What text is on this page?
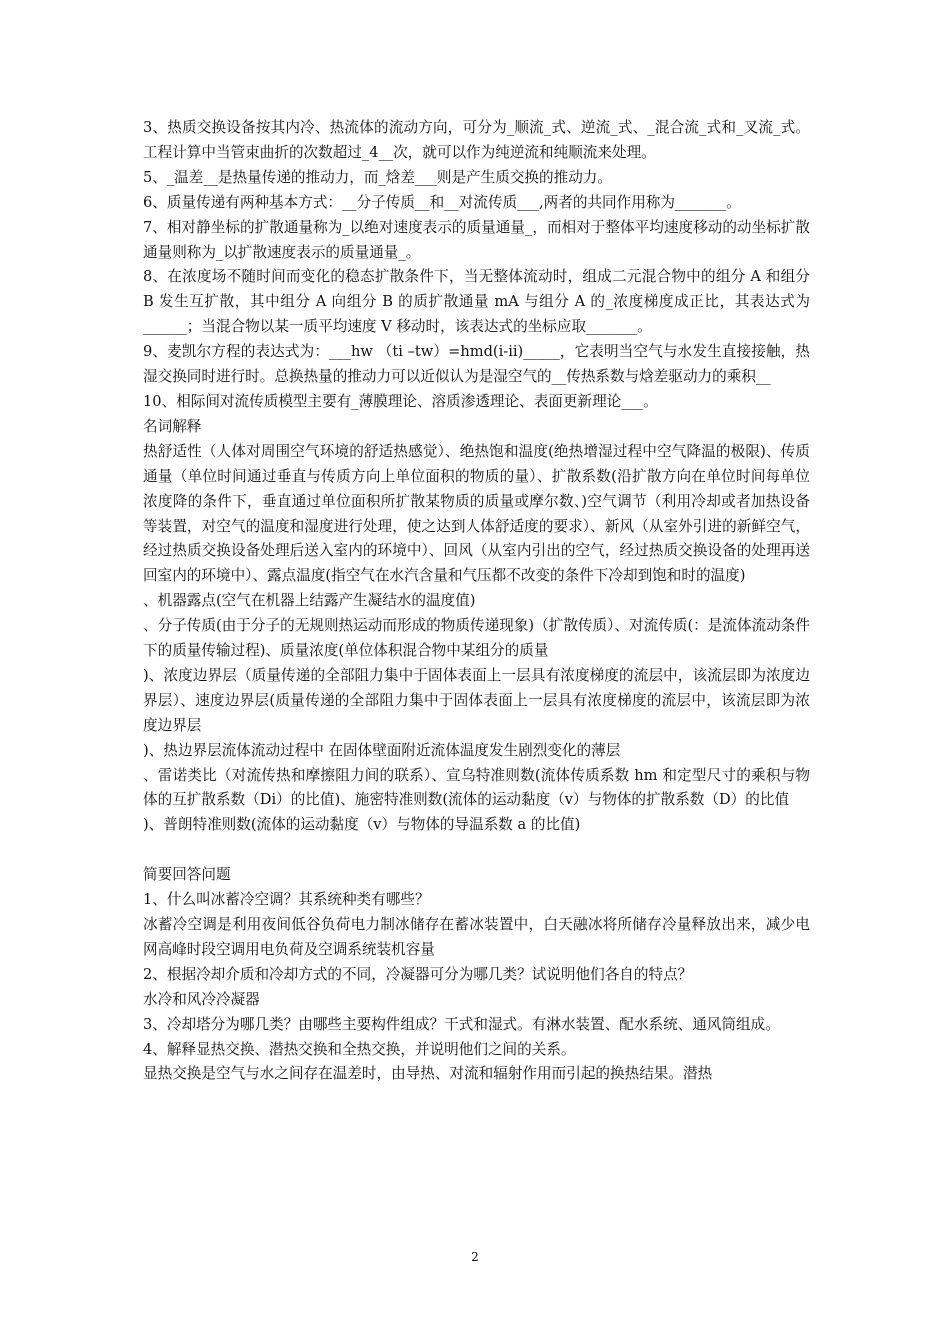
3、热质交换设备按其内冷、热流体的流动方向，可分为_顺流_式、逆流_式、_混合流_式和_叉流_式。工程计算中当管束曲折的次数超过_4__次，就可以作为纯逆流和纯顺流来处理。

5、_温差__是热量传递的推动力，而_焓差___则是产生质交换的推动力。

6、质量传递有两种基本方式：__分子传质__和__对流传质___,两者的共同作用称为_______。

7、相对静坐标的扩散通量称为_以绝对速度表示的质量通量_，而相对于整体平均速度移动的动坐标扩散通量则称为_以扩散速度表示的质量通量_。

8、在浓度场不随时间而变化的稳态扩散条件下，当无整体流动时，组成二元混合物中的组分 A 和组分 B 发生互扩散，其中组分 A 向组分 B 的质扩散通量 mA 与组分 A 的_浓度梯度成正比，其表达式为______；当混合物以某一质平均速度 V 移动时，该表达式的坐标应取_______。

9、麦凯尔方程的表达式为：___hw （ti –tw）=hmd(i-ii)_____，它表明当空气与水发生直接接触，热湿交换同时进行时。总换热量的推动力可以近似认为是湿空气的__传热系数与焓差驱动力的乘积__

10、相际间对流传质模型主要有_薄膜理论、溶质渗透理论、表面更新理论___。

名词解释

热舒适性（人体对周围空气环境的舒适热感觉）、绝热饱和温度(绝热增湿过程中空气降温的极限)、传质通量（单位时间通过垂直与传质方向上单位面积的物质的量）、扩散系数(沿扩散方向在单位时间每单位浓度降的条件下，垂直通过单位面积所扩散某物质的质量或摩尔数、)空气调节（利用冷却或者加热设备等装置，对空气的温度和湿度进行处理，使之达到人体舒适度的要求）、新风（从室外引进的新鲜空气，经过热质交换设备处理后送入室内的环境中）、回风（从室内引出的空气，经过热质交换设备的处理再送回室内的环境中）、露点温度(指空气在水汽含量和气压都不改变的条件下冷却到饱和时的温度)

、机器露点(空气在机器上结露产生凝结水的温度值)

、分子传质(由于分子的无规则热运动而形成的物质传递现象)（扩散传质）、对流传质(：是流体流动条件下的质量传输过程)、质量浓度(单位体积混合物中某组分的质量

)、浓度边界层（质量传递的全部阻力集中于固体表面上一层具有浓度梯度的流层中，该流层即为浓度边界层）、速度边界层(质量传递的全部阻力集中于固体表面上一层具有浓度梯度的流层中，该流层即为浓度边界层

)、热边界层流体流动过程中 在固体壁面附近流体温度发生剧烈变化的薄层

、雷诺类比（对流传热和摩擦阻力间的联系）、宣乌特准则数(流体传质系数 hm 和定型尺寸的乘积与物体的互扩散系数（Di）的比值)、施密特准则数(流体的运动黏度（v）与物体的扩散系数（D）的比值

)、普朗特准则数(流体的运动黏度（v）与物体的导温系数 a 的比值)

简要回答问题

1、什么叫冰蓄冷空调？其系统种类有哪些？

冰蓄冷空调是利用夜间低谷负荷电力制冰储存在蓄冰装置中，白天融冰将所储存冷量释放出来，减少电网高峰时段空调用电负荷及空调系统装机容量

2、根据冷却介质和冷却方式的不同，冷凝器可分为哪几类？试说明他们各自的特点？

水冷和风冷冷凝器

3、冷却塔分为哪几类？由哪些主要构件组成？干式和湿式。有淋水装置、配水系统、通风筒组成。

4、解释显热交换、潜热交换和全热交换，并说明他们之间的关系。

显热交换是空气与水之间存在温差时，由导热、对流和辐射作用而引起的换热结果。潜热

2
